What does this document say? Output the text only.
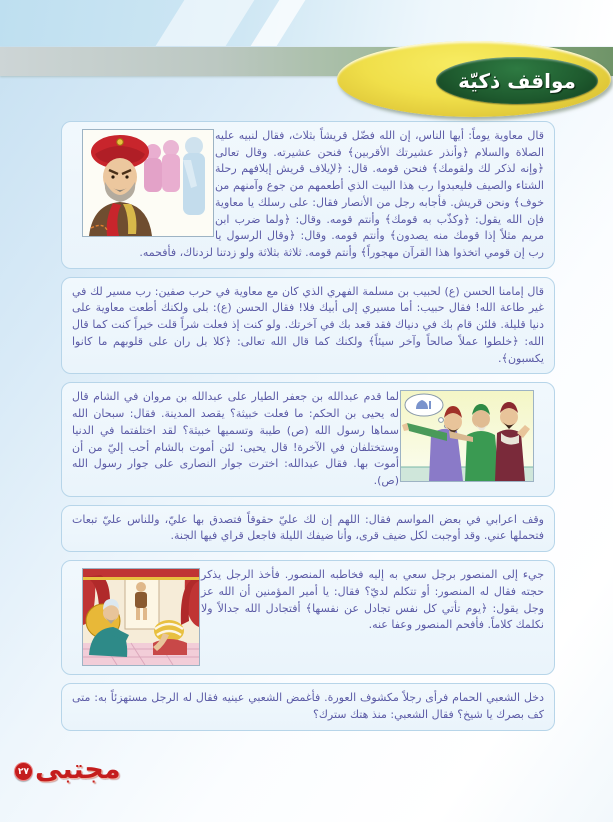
مواقف ذكيّة

قال معاوية يوماً: أيها الناس، إن الله فضّل قريشاً بثلاث، فقال لنبيه عليه الصلاة والسلام ﴿وأنذر عشيرتك الأقربين﴾ فنحن عشيرته. وقال تعالى ﴿وإنه لذكر لك ولقومك﴾ فنحن قومه. قال: ﴿لإيلاف قريش إيلافهم رحلة الشتاء والصيف فليعبدوا رب هذا البيت الذي أطعمهم من جوع وآمنهم من خوف﴾ ونحن قريش. فأجابه رجل من الأنصار فقال: على رسلك يا معاوية فإن الله يقول: ﴿وكذّب به قومك﴾ وأنتم قومه. وقال: ﴿ولما ضرب ابن مريم مثلاً إذا قومك منه يصدون﴾ وأنتم قومه. وقال: ﴿وقال الرسول يا رب إن قومي اتخذوا هذا القرآن مهجوراً﴾ وأنتم قومه. ثلاثة بثلاثة ولو زدتنا لزدناك، فأفحمه.

قال إمامنا الحسن (ع) لحبيب بن مسلمة الفهري الذي كان مع معاوية في حرب صفين: رب مسير لك في غير طاعة الله! فقال حبيب: أما مسيري إلى أبيك فلا! فقال الحسن (ع): بلى ولكنك أطعت معاوية على دنيا قليلة. فلئن قام بك في دنياك فقد قعد بك في آخرتك. ولو كنت إذ فعلت شراً قلت خيراً كنت كما قال الله: ﴿خلطوا عملاً صالحاً وآخر سيئاً﴾ ولكنك كما قال الله تعالى: ﴿كلا بل ران على قلوبهم ما كانوا يكسبون﴾.

لما قدم عبدالله بن جعفر الطيار على عبدالله بن مروان في الشام قال له يحيى بن الحكم: ما فعلت خبيثة؟ يقصد المدينة. فقال: سبحان الله سماها رسول الله (ص) طيبة وتسميها خبيثة؟ لقد اختلفتما في الدنيا وستختلفان في الآخرة! قال يحيى: لئن أموت بالشام أحب إليّ من أن أموت بها. فقال عبدالله: اخترت جوار النصارى على جوار رسول الله (ص).

وقف اعرابي في بعض المواسم فقال: اللهم إن لك عليّ حقوقاً فتصدق بها عليّ، وللناس عليّ تبعات فتحملها عني. وقد أوجبت لكل ضيف قرى، وأنا ضيفك الليلة فاجعل قراي فيها الجنة.

جيء إلى المنصور برجل سعي به إليه فخاطبه المنصور. فأخذ الرجل يذكر حجته فقال له المنصور: أو تتكلم لديّ؟ فقال: يا أمير المؤمنين أن الله عز وجل يقول: ﴿يوم تأتي كل نفس تجادل عن نفسها﴾ أفتجادل الله جدالاً ولا نكلمك كلاماً. فأفحم المنصور وعفا عنه.

دخل الشعبي الحمام فرأى رجلاً مكشوف العورة. فأغمض الشعبي عينيه فقال له الرجل مستهزئاً به: متى كف بصرك يا شيخ؟ فقال الشعبي: منذ هتك سترك؟

مجتبى
٢٧
